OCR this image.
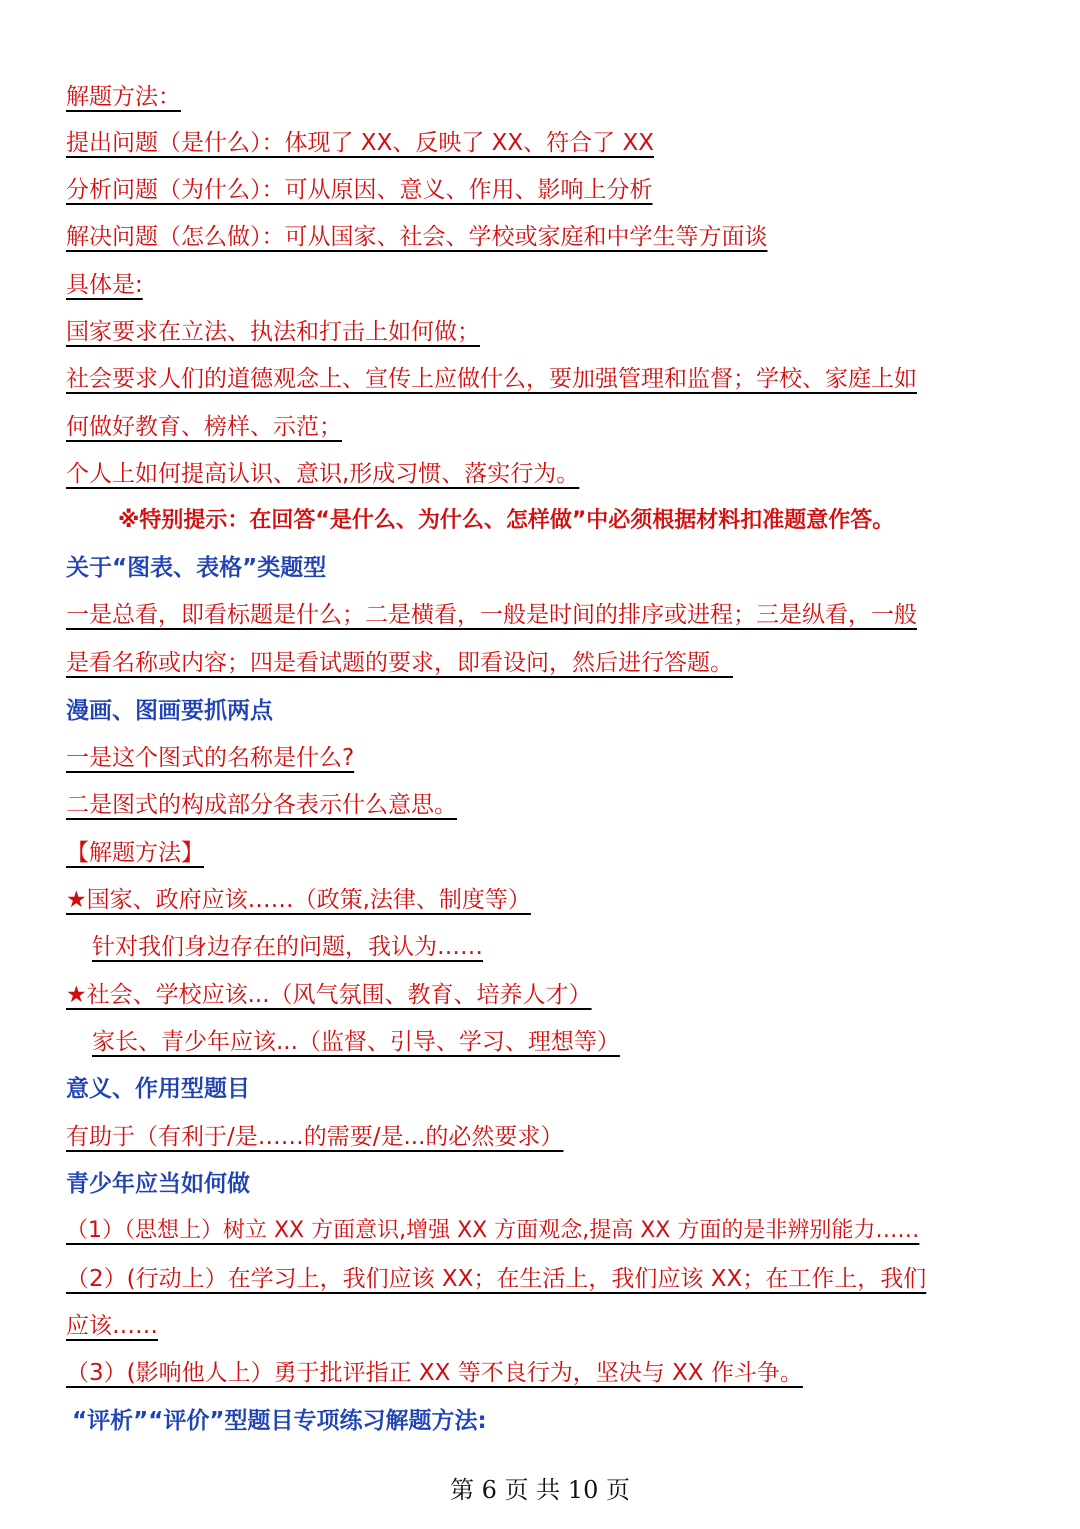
解题方法：
提出问题（是什么）：体现了 XX、反映了 XX、符合了 XX
分析问题（为什么）：可从原因、意义、作用、影响上分析
解决问题（怎么做）：可从国家、社会、学校或家庭和中学生等方面谈
具体是:
国家要求在立法、执法和打击上如何做；
社会要求人们的道德观念上、宣传上应做什么，要加强管理和监督；学校、家庭上如
何做好教育、榜样、示范；
个人上如何提高认识、意识,形成习惯、落实行为。
※特别提示：在回答“是什么、为什么、怎样做”中必须根据材料扣准题意作答。
关于“图表、表格”类题型
一是总看，即看标题是什么；二是横看，一般是时间的排序或进程；三是纵看，一般
是看名称或内容；四是看试题的要求，即看设问，然后进行答题。
漫画、图画要抓两点
一是这个图式的名称是什么?
二是图式的构成部分各表示什么意思。
【解题方法】
★国家、政府应该……（政策,法律、制度等）
针对我们身边存在的问题，我认为……
★社会、学校应该...（风气氛围、教育、培养人才）
家长、青少年应该...（监督、引导、学习、理想等）
意义、作用型题目
有助于（有利于/是……的需要/是...的必然要求）
青少年应当如何做
（1）（思想上）树立 XX 方面意识,增强 XX 方面观念,提高 XX 方面的是非辨别能力……
（2）(行动上）在学习上，我们应该 XX；在生活上，我们应该 XX；在工作上，我们
应该……
（3）(影响他人上）勇于批评指正 XX 等不良行为，坚决与 XX 作斗争。
“评析”“评价”型题目专项练习解题方法:
第 6 页 共 10 页
